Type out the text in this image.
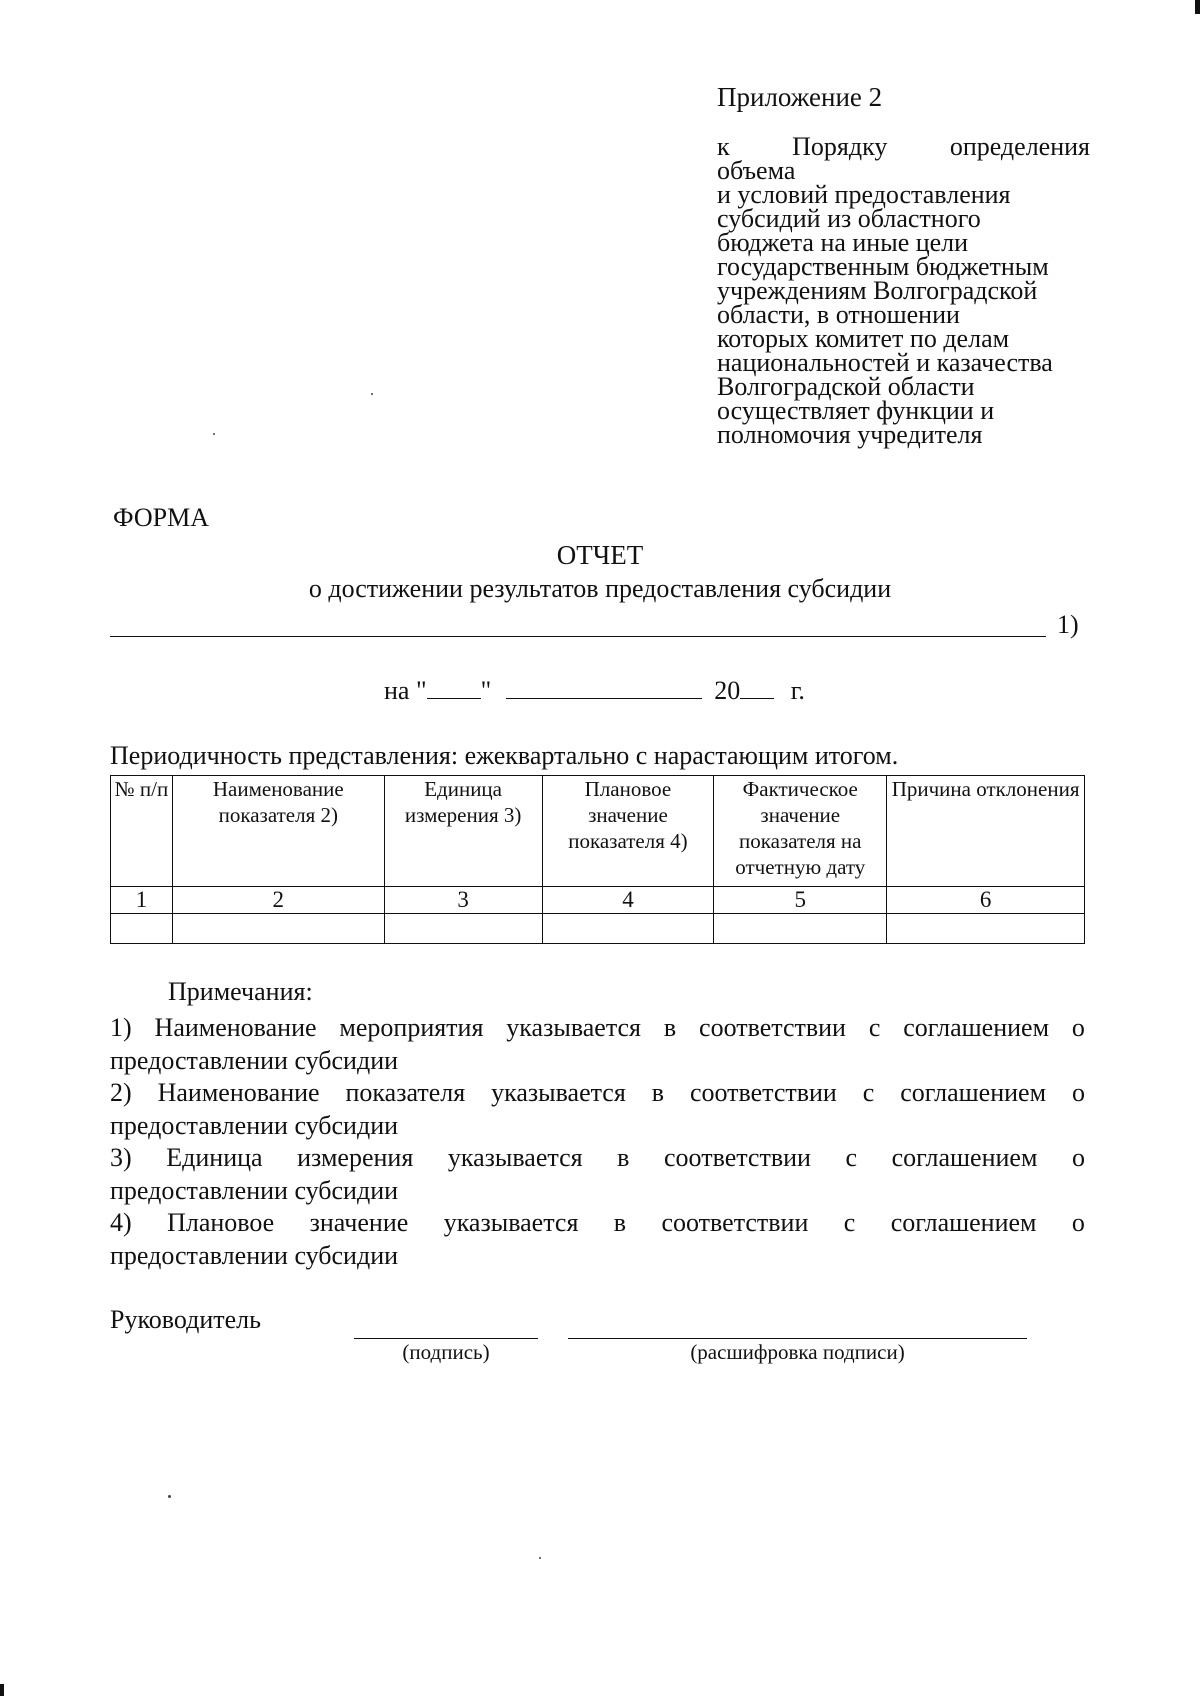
Приложение 2
к Порядку определения
объема
и условий предоставления
субсидий из областного
бюджета на иные цели
государственным бюджетным
учреждениям Волгоградской
области, в отношении
которых комитет по делам
национальностей и казачества
Волгоградской области
осуществляет функции и
полномочия учредителя
ФОРМА
ОТЧЕТ
о достижении результатов предоставления субсидии
1)
на " "	20 г.
Периодичность представления: ежеквартально с нарастающим итогом.
№ п/п	Наименование показателя 2)	Единица измерения 3)	Плановое значение показателя 4)	Фактическое значение показателя на отчетную дату	Причина отклонения
1	2	3	4	5	6

Примечания:
1) Наименование мероприятия указывается в соответствии с соглашением о
предоставлении субсидии
2) Наименование показателя указывается в соответствии с соглашением о
предоставлении субсидии
3) Единица измерения указывается в соответствии с соглашением о
предоставлении субсидии
4) Плановое значение указывается в соответствии с соглашением о
предоставлении субсидии
Руководитель
(подпись)	(расшифровка подписи)
